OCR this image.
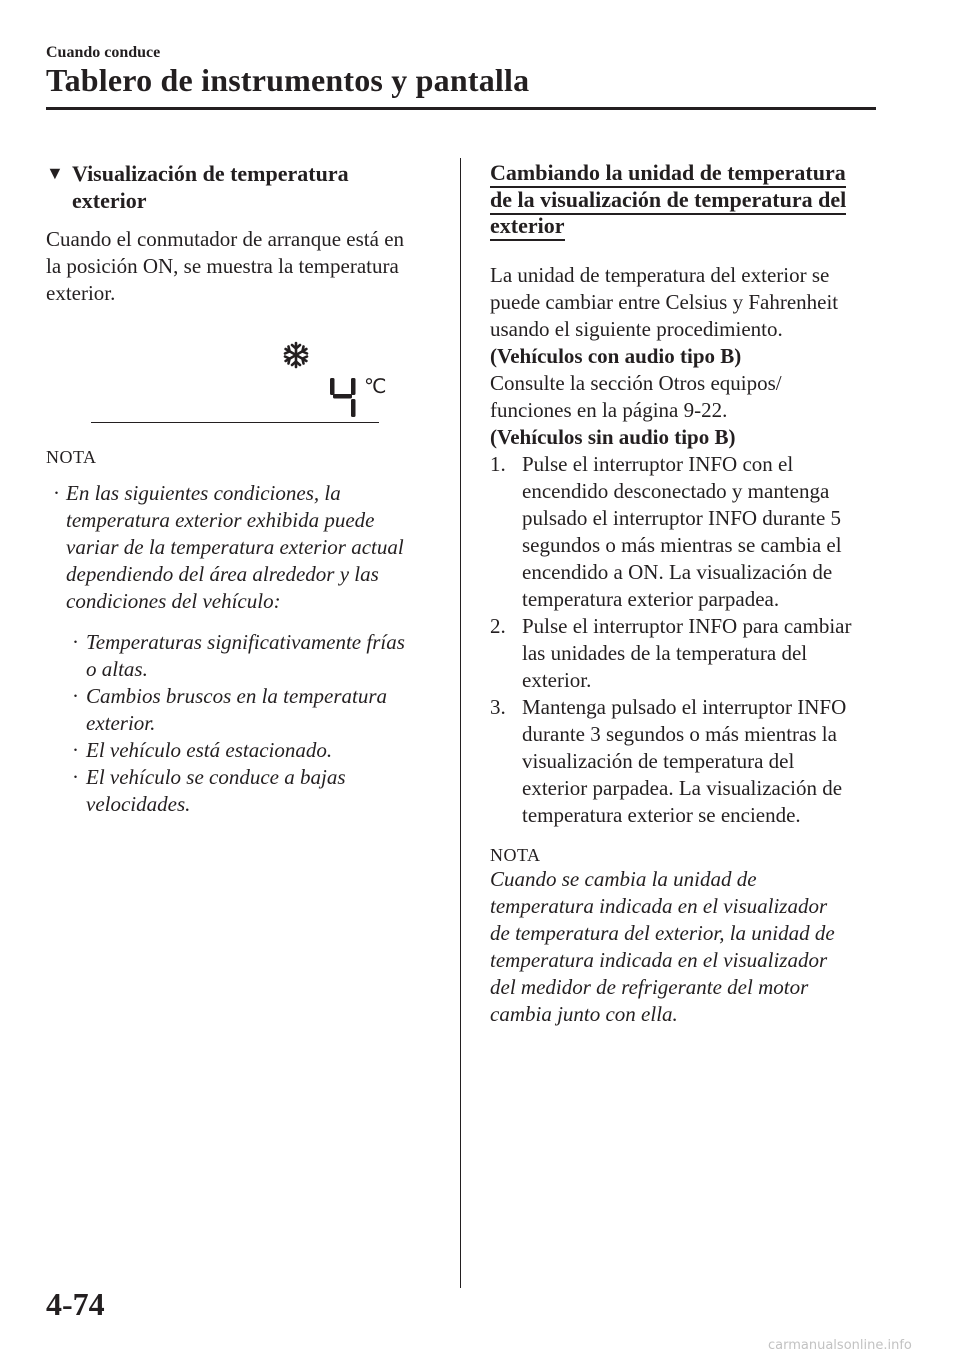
Cuando conduce
Tablero de instrumentos y pantalla
▼ Visualización de temperatura
exterior
Cuando el conmutador de arranque está en
la posición ON, se muestra la temperatura
exterior.
4
℃
NOTA
· En las siguientes condiciones, la
temperatura exterior exhibida puede
variar de la temperatura exterior actual
dependiendo del área alrededor y las
condiciones del vehículo:
· Temperaturas significativamente frías
o altas.
· Cambios bruscos en la temperatura
exterior.
· El vehículo está estacionado.
· El vehículo se conduce a bajas
velocidades.
Cambiando la unidad de temperatura
de la visualización de temperatura del
exterior
La unidad de temperatura del exterior se
puede cambiar entre Celsius y Fahrenheit
usando el siguiente procedimiento.
(Vehículos con audio tipo B)
Consulte la sección Otros equipos/
funciones en la página 9-22.
(Vehículos sin audio tipo B)
1. Pulse el interruptor INFO con el
encendido desconectado y mantenga
pulsado el interruptor INFO durante 5
segundos o más mientras se cambia el
encendido a ON. La visualización de
temperatura exterior parpadea.
2. Pulse el interruptor INFO para cambiar
las unidades de la temperatura del
exterior.
3. Mantenga pulsado el interruptor INFO
durante 3 segundos o más mientras la
visualización de temperatura del
exterior parpadea. La visualización de
temperatura exterior se enciende.
NOTA
Cuando se cambia la unidad de
temperatura indicada en el visualizador
de temperatura del exterior, la unidad de
temperatura indicada en el visualizador
del medidor de refrigerante del motor
cambia junto con ella.
4-74
carmanualsonline.info
